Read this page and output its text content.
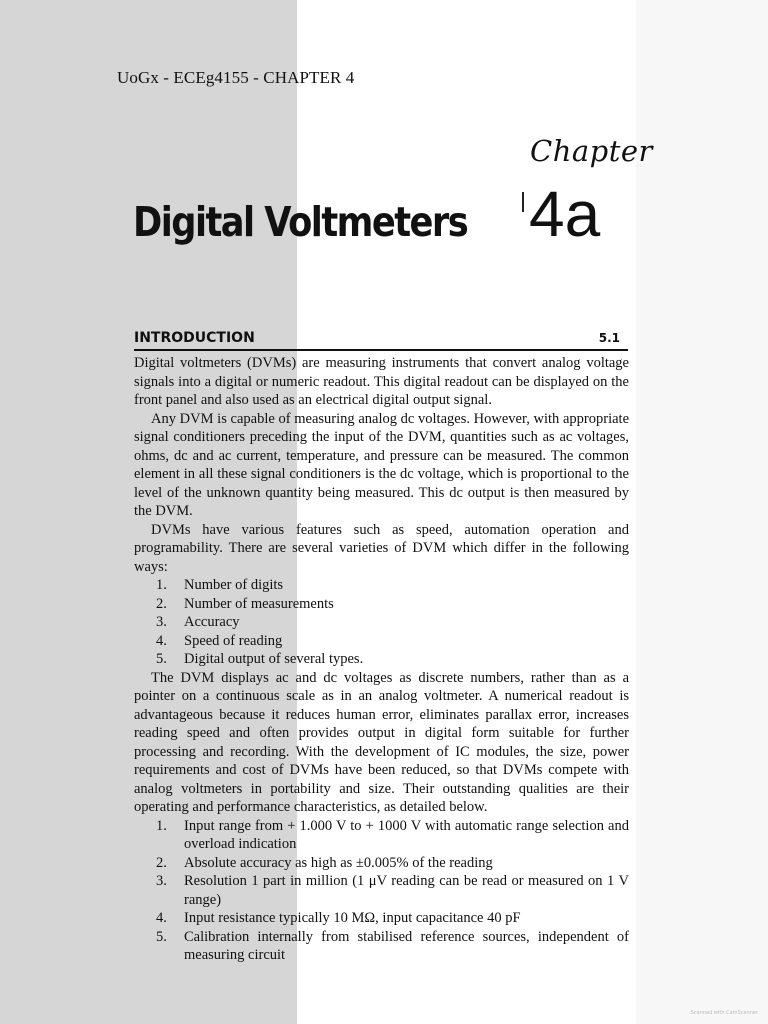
UoGx - ECEg4155 - CHAPTER 4
Chapter
4a
Digital Voltmeters
INTRODUCTION	5.1

Digital voltmeters (DVMs) are measuring instruments that convert analog voltage signals into a digital or numeric readout. This digital readout can be displayed on the front panel and also used as an electrical digital output signal.

Any DVM is capable of measuring analog dc voltages. However, with appropriate signal conditioners preceding the input of the DVM, quantities such as ac voltages, ohms, dc and ac current, temperature, and pressure can be measured. The common element in all these signal conditioners is the dc voltage, which is proportional to the level of the unknown quantity being measured. This dc output is then measured by the DVM.

DVMs have various features such as speed, automation operation and programability. There are several varieties of DVM which differ in the following ways:

1. Number of digits
2. Number of measurements
3. Accuracy
4. Speed of reading
5. Digital output of several types.

The DVM displays ac and dc voltages as discrete numbers, rather than as a pointer on a continuous scale as in an analog voltmeter. A numerical readout is advantageous because it reduces human error, eliminates parallax error, increases reading speed and often provides output in digital form suitable for further processing and recording. With the development of IC modules, the size, power requirements and cost of DVMs have been reduced, so that DVMs compete with analog voltmeters in portability and size. Their outstanding qualities are their operating and performance characteristics, as detailed below.

1. Input range from + 1.000 V to + 1000 V with automatic range selection and overload indication
2. Absolute accuracy as high as ±0.005% of the reading
3. Resolution 1 part in million (1 μV reading can be read or measured on 1 V range)
4. Input resistance typically 10 MΩ, input capacitance 40 pF
5. Calibration internally from stabilised reference sources, independent of measuring circuit
Scanned with CamScanner
